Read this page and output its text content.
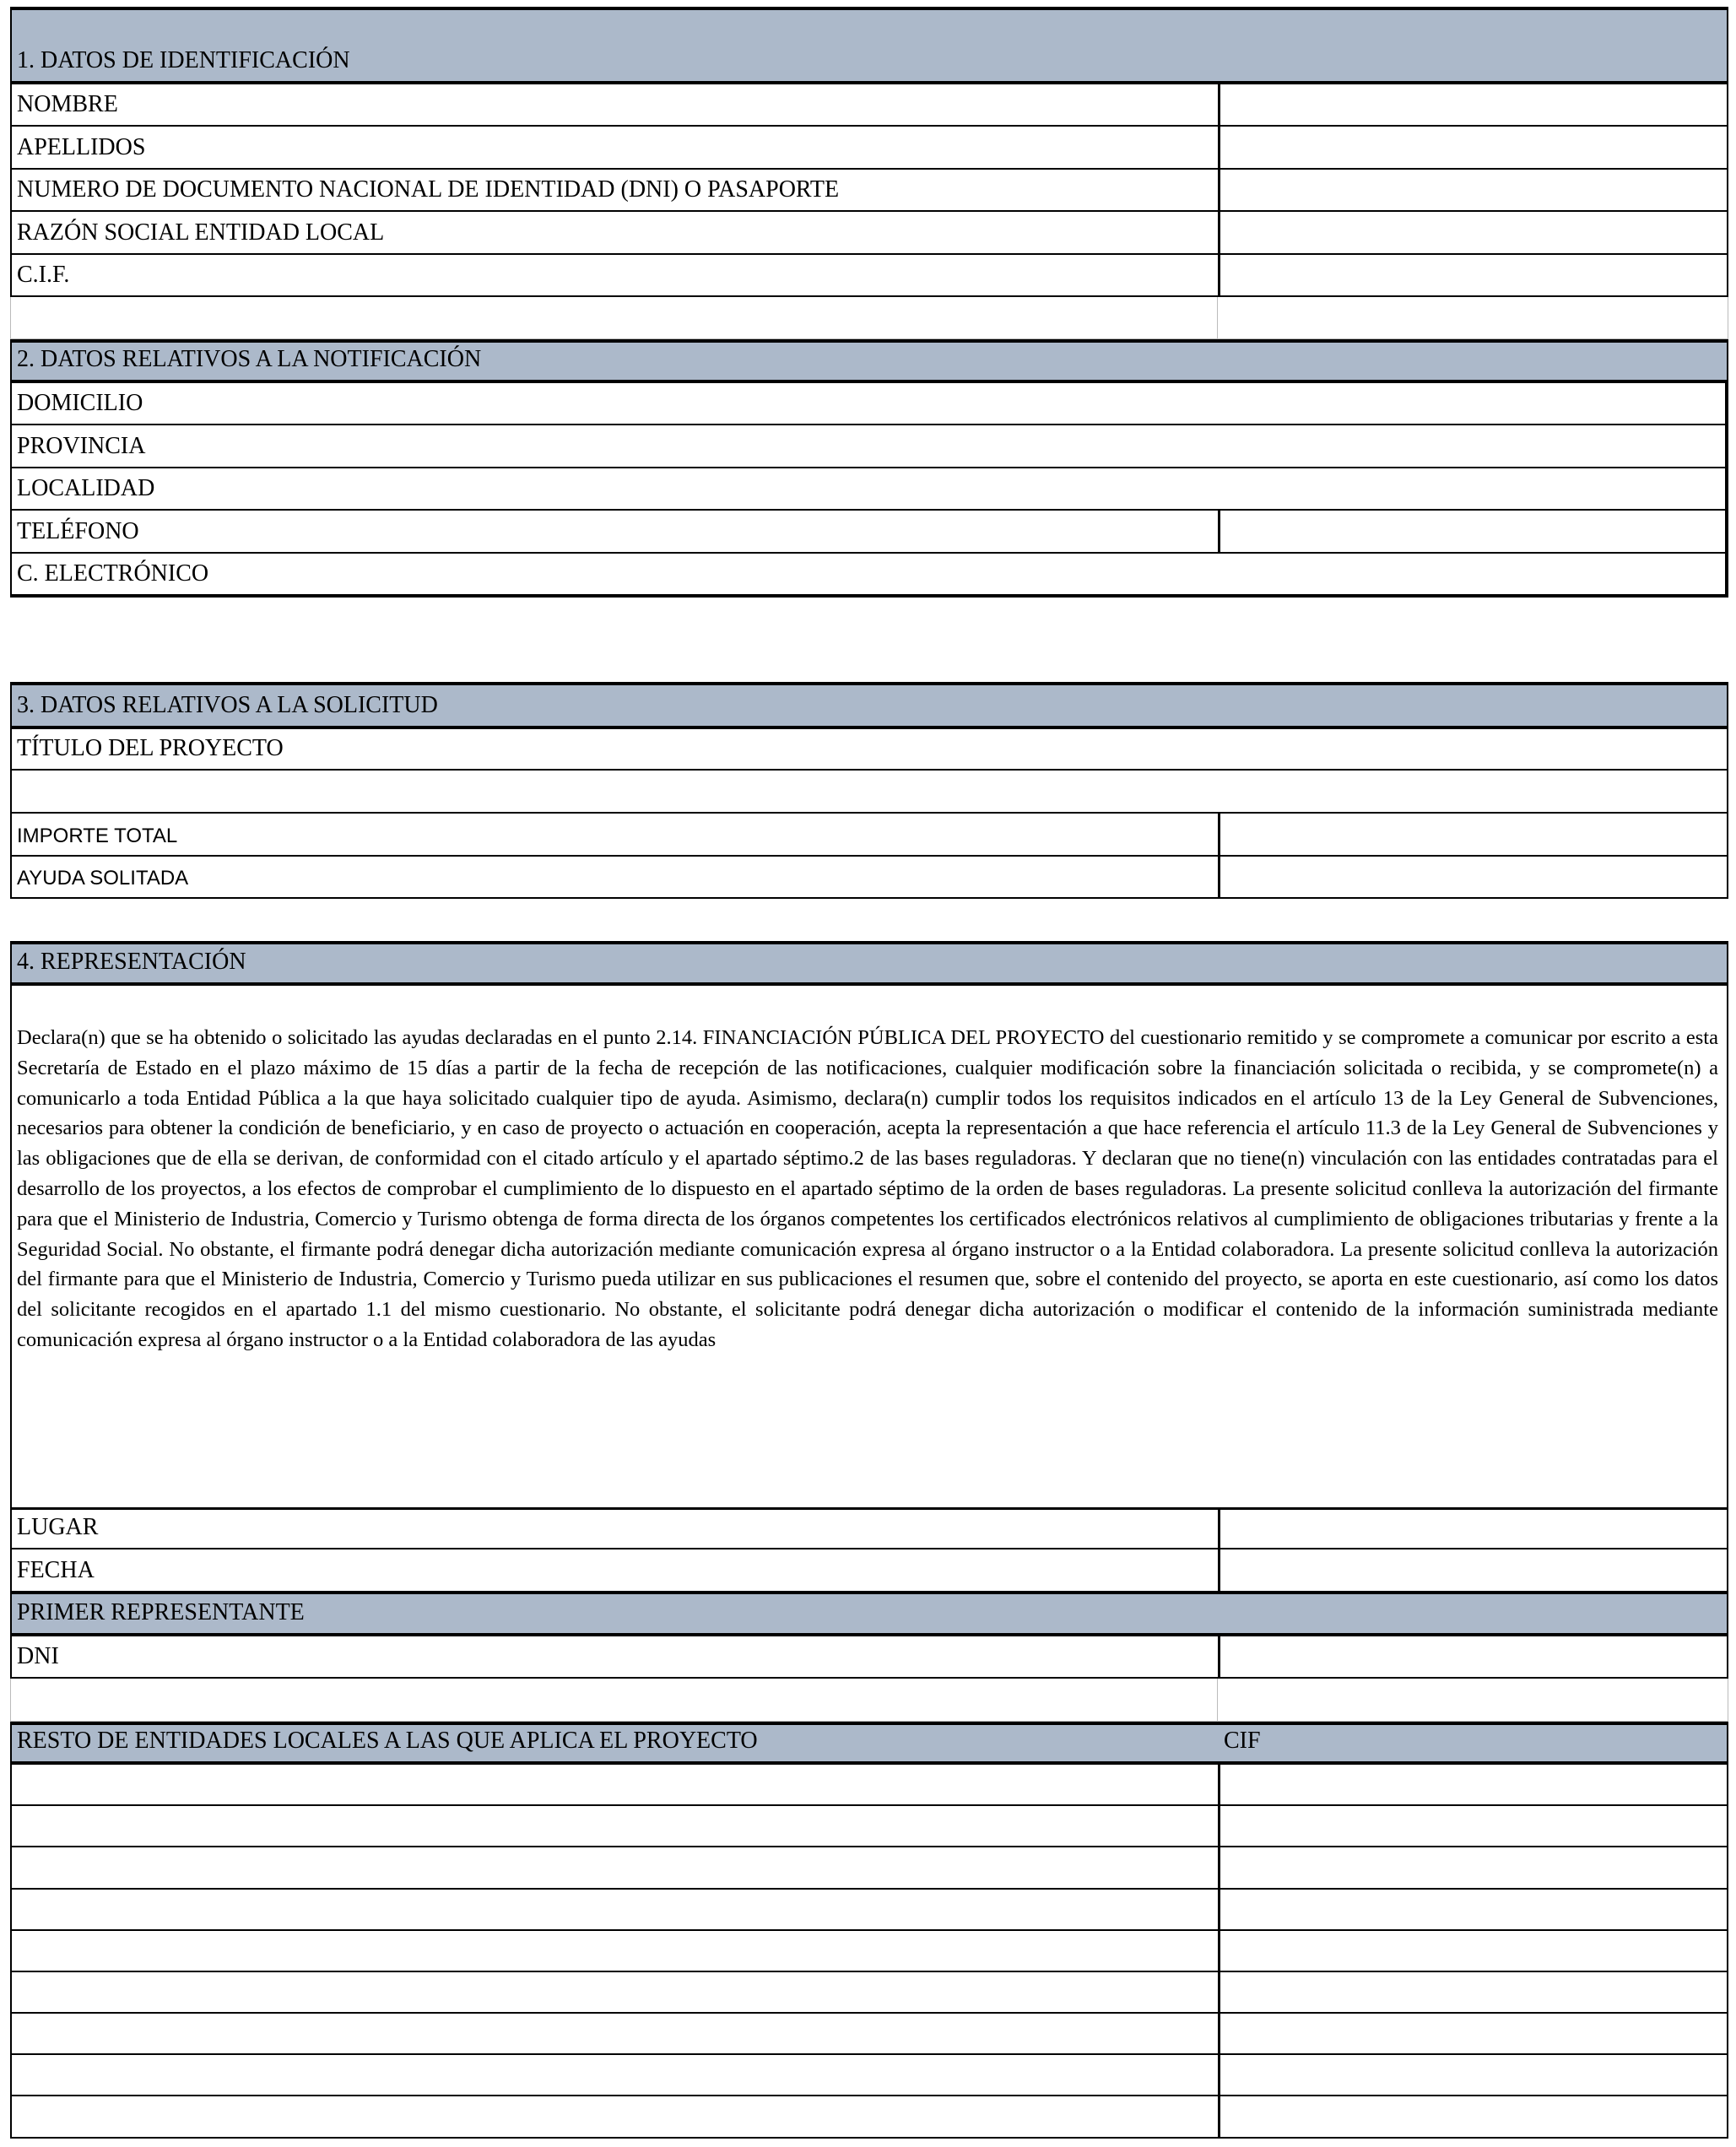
1. DATOS DE IDENTIFICACIÓN
NOMBRE
APELLIDOS
NUMERO DE DOCUMENTO NACIONAL DE IDENTIDAD (DNI) O PASAPORTE
RAZÓN SOCIAL ENTIDAD LOCAL
C.I.F.
2. DATOS RELATIVOS A LA NOTIFICACIÓN
DOMICILIO
PROVINCIA
LOCALIDAD
TELÉFONO
C. ELECTRÓNICO
3. DATOS RELATIVOS A LA SOLICITUD
TÍTULO DEL PROYECTO
IMPORTE TOTAL
AYUDA SOLITADA
4. REPRESENTACIÓN
Declara(n) que se ha obtenido o solicitado las ayudas declaradas en el punto 2.14. FINANCIACIÓN PÚBLICA DEL PROYECTO del cuestionario remitido y se compromete a comunicar por escrito a esta Secretaría de Estado en el plazo máximo de 15 días a partir de la fecha de recepción de las notificaciones, cualquier modificación sobre la financiación solicitada o recibida, y se compromete(n) a comunicarlo a toda Entidad Pública a la que haya solicitado cualquier tipo de ayuda. Asimismo, declara(n) cumplir todos los requisitos indicados en el artículo 13 de la Ley General de Subvenciones, necesarios para obtener la condición de beneficiario, y en caso de proyecto o actuación en cooperación, acepta la representación a que hace referencia el artículo 11.3 de la Ley General de Subvenciones y las obligaciones que de ella se derivan, de conformidad con el citado artículo y el apartado séptimo.2 de las bases reguladoras. Y declaran que no tiene(n) vinculación con las entidades contratadas para el desarrollo de los proyectos, a los efectos de comprobar el cumplimiento de lo dispuesto en el apartado séptimo de la orden de bases reguladoras. La presente solicitud conlleva la autorización del firmante para que el Ministerio de Industria, Comercio y Turismo obtenga de forma directa de los órganos competentes los certificados electrónicos relativos al cumplimiento de obligaciones tributarias y frente a la Seguridad Social. No obstante, el firmante podrá denegar dicha autorización mediante comunicación expresa al órgano instructor o a la Entidad colaboradora. La presente solicitud conlleva la autorización del firmante para que el Ministerio de Industria, Comercio y Turismo pueda utilizar en sus publicaciones el resumen que, sobre el contenido del proyecto, se aporta en este cuestionario, así como los datos del solicitante recogidos en el apartado 1.1 del mismo cuestionario. No obstante, el solicitante podrá denegar dicha autorización o modificar el contenido de la información suministrada mediante comunicación expresa al órgano instructor o a la Entidad colaboradora de las ayudas
LUGAR
FECHA
PRIMER REPRESENTANTE
DNI
RESTO DE ENTIDADES LOCALES A LAS QUE APLICA EL PROYECTO	CIF
